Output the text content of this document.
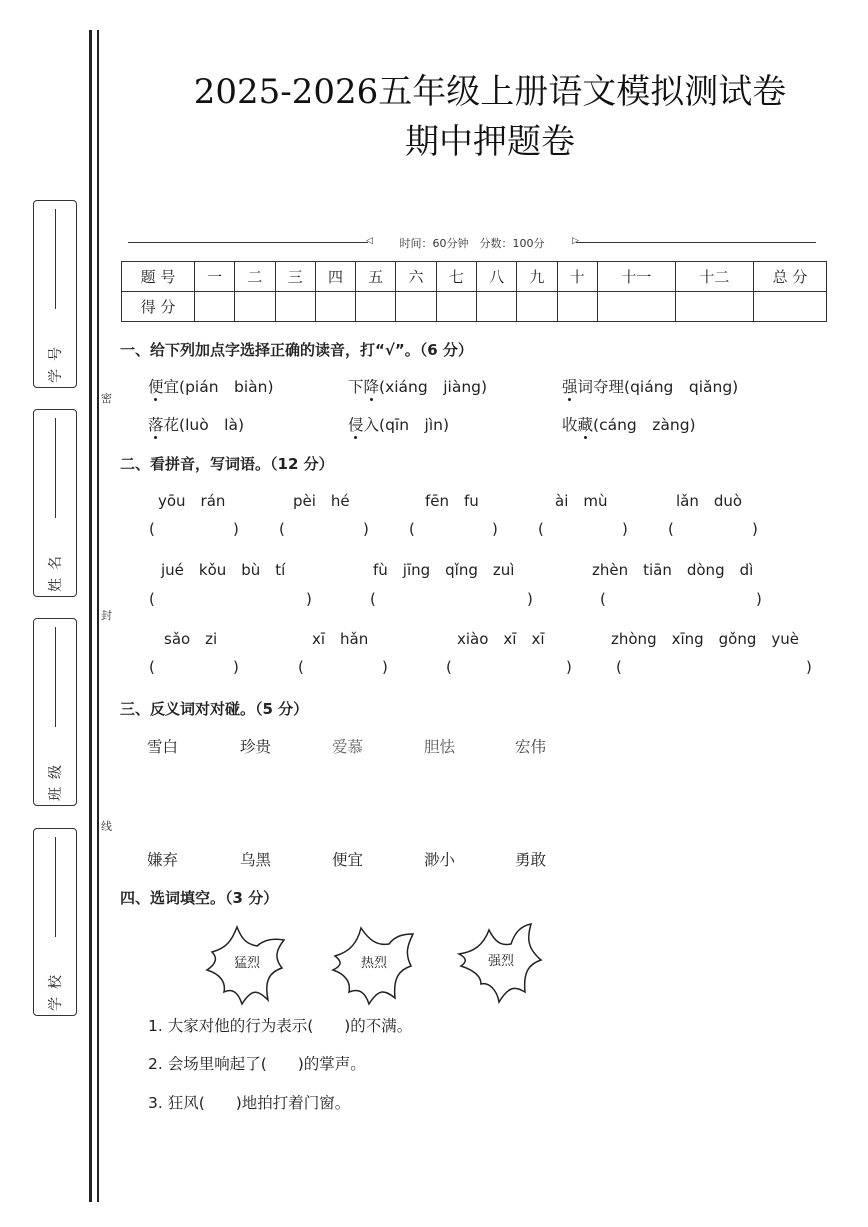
密
封
线
学号
姓名
班级
学校
2025-2026五年级上册语文模拟测试卷
期中押题卷
◁	▷
时间：60分钟　分数：100分
题 号	一	二	三	四	五	六	七	八	九	十	十一	十二	总 分
得 分													
一、给下列加点字选择正确的读音，打“√”。（6 分）
便宜(pián　biàn)	下降(xiáng　jiàng)	强词夺理(qiáng　qiǎng)
落花(luò　là)	侵入(qīn　jìn)	收藏(cáng　zàng)
二、看拼音，写词语。（12 分）
yōu　rán	pèi　hé	fēn　fu	ài　mù	lǎn　duò
(	)	(	)	(	)	(	)	(	)
jué　kǒu　bù　tí	fù　jīng　qǐng　zuì	zhèn　tiān　dòng　dì
(	)	(	)	(	)
sǎo　zi	xī　hǎn	xiào　xī　xī	zhòng　xīng　gǒng　yuè
(	)	(	)	(	)	(	)
三、反义词对对碰。（5 分）
雪白	珍贵	爱慕	胆怯	宏伟
嫌弃	乌黑	便宜	渺小	勇敢
四、选词填空。（3 分）
猛烈	热烈	强烈
1. 大家对他的行为表示(　　)的不满。
2. 会场里响起了(　　)的掌声。
3. 狂风(　　)地拍打着门窗。
